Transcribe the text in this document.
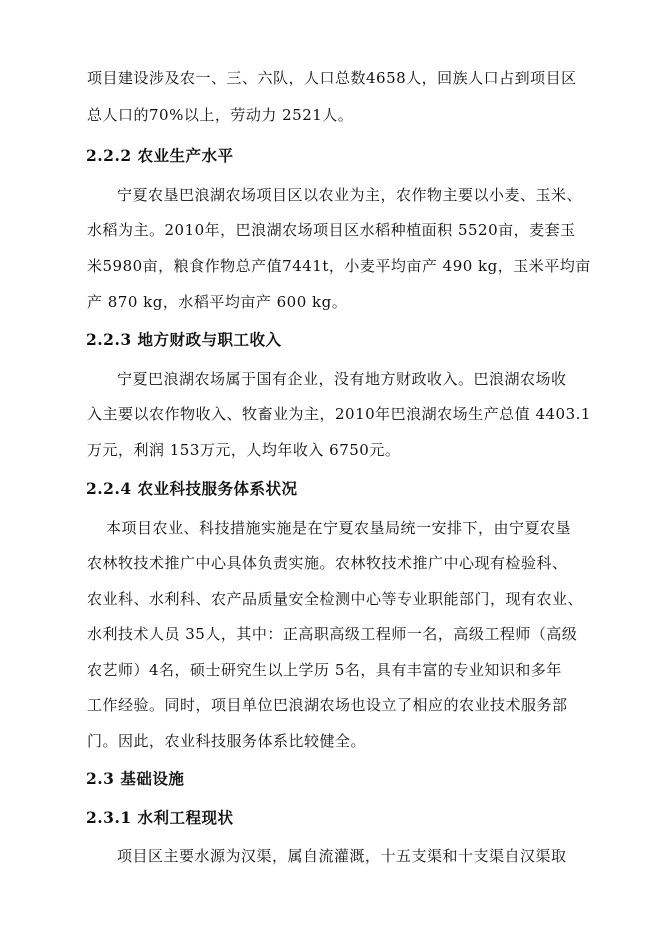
项目建设涉及农一、三、六队，人口总数4658人，回族人口占到项目区
总人口的70%以上，劳动力 2521人。
2.2.2 农业生产水平
宁夏农垦巴浪湖农场项目区以农业为主，农作物主要以小麦、玉米、
水稻为主。2010年，巴浪湖农场项目区水稻种植面积 5520亩，麦套玉
米5980亩，粮食作物总产值7441t，小麦平均亩产 490 kg，玉米平均亩
产 870 kg，水稻平均亩产 600 kg。
2.2.3 地方财政与职工收入
宁夏巴浪湖农场属于国有企业，没有地方财政收入。巴浪湖农场收
入主要以农作物收入、牧畜业为主，2010年巴浪湖农场生产总值 4403.1
万元，利润 153万元，人均年收入 6750元。
2.2.4 农业科技服务体系状况
本项目农业、科技措施实施是在宁夏农垦局统一安排下，由宁夏农垦
农林牧技术推广中心具体负责实施。农林牧技术推广中心现有检验科、
农业科、水利科、农产品质量安全检测中心等专业职能部门，现有农业、
水利技术人员 35人，其中：正高职高级工程师一名，高级工程师（高级
农艺师）4名，硕士研究生以上学历 5名，具有丰富的专业知识和多年
工作经验。同时，项目单位巴浪湖农场也设立了相应的农业技术服务部
门。因此，农业科技服务体系比较健全。
2.3 基础设施
2.3.1 水利工程现状
项目区主要水源为汉渠，属自流灌溉，十五支渠和十支渠自汉渠取
